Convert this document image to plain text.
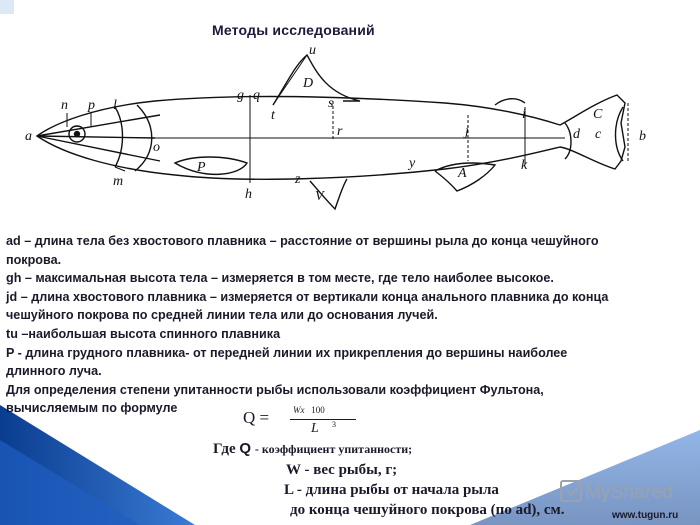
Методы исследований
a
n p l
g q
u
D
t
s
r
i	C
c
d	b
o
j
P
m
h
z
V
y
A
k

ad – длина тела без хвостового плавника – расстояние от вершины рыла до конца чешуйного

покрова.

gh – максимальная высота тела – измеряется в том месте, где тело наиболее высокое.

jd – длина хвостового плавника – измеряется от вертикали конца анального плавника до конца

чешуйного покрова по средней линии тела или до основания лучей.

tu –наибольшая высота спинного плавника

P - длина грудного плавника- от передней линии их прикрепления до вершины наиболее

длинного луча.

Для определения степени упитанности рыбы использовали коэффициент Фультона,

вычисляемым по формуле	Q =	Wx 100
L 3
Где Q - коэффициент упитанности;
W - вес рыбы, г;
L - длина рыбы от начала рыла
до конца чешуйного покрова (по ad), см.
MyShared
www.tugun.ru
